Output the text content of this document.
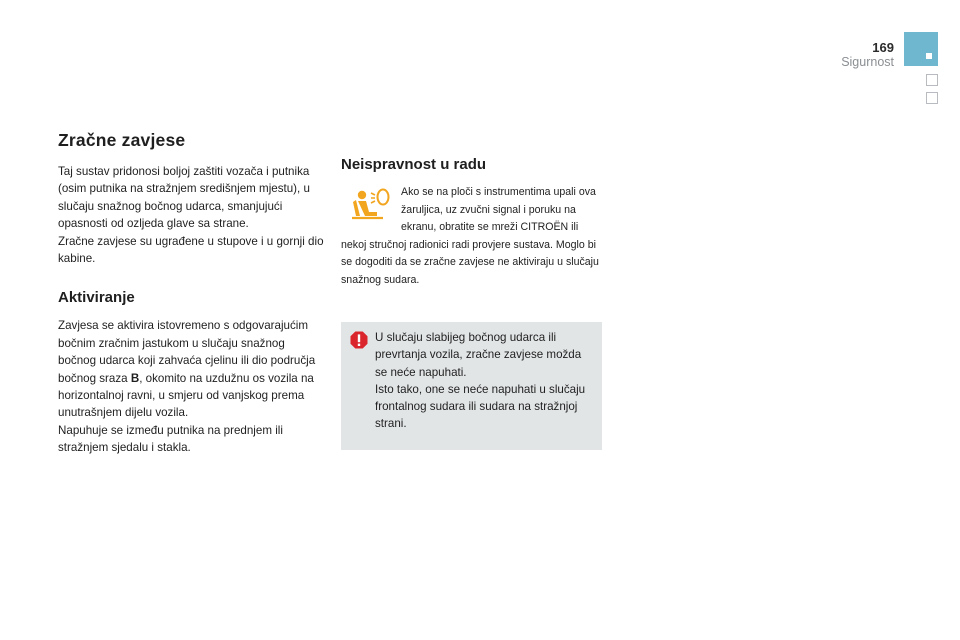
169
Sigurnost
Zračne zavjese

Taj sustav pridonosi boljoj zaštiti vozača i putnika (osim putnika na stražnjem središnjem mjestu), u slučaju snažnog bočnog udarca, smanjujući opasnosti od ozljeda glave sa strane.

Zračne zavjese su ugrađene u stupove i u gornji dio kabine.

Aktiviranje

Zavjesa se aktivira istovremeno s odgovarajućim bočnim zračnim jastukom u slučaju snažnog bočnog udarca koji zahvaća cjelinu ili dio područja bočnog sraza B, okomito na uzdužnu os vozila na horizontalnoj ravni, u smjeru od vanjskog prema unutrašnjem dijelu vozila.

Napuhuje se između putnika na prednjem ili stražnjem sjedalu i stakla.

Neispravnost u radu

Ako se na ploči s instrumentima upali ova žaruljica, uz zvučni signal i poruku na ekranu, obratite se mreži CITROËN ili nekoj stručnoj radionici radi provjere sustava. Moglo bi se dogoditi da se zračne zavjese ne aktiviraju u slučaju snažnog sudara.

U slučaju slabijeg bočnog udarca ili prevrtanja vozila, zračne zavjese možda se neće napuhati.
Isto tako, one se neće napuhati u slučaju frontalnog sudara ili sudara na stražnjoj strani.
